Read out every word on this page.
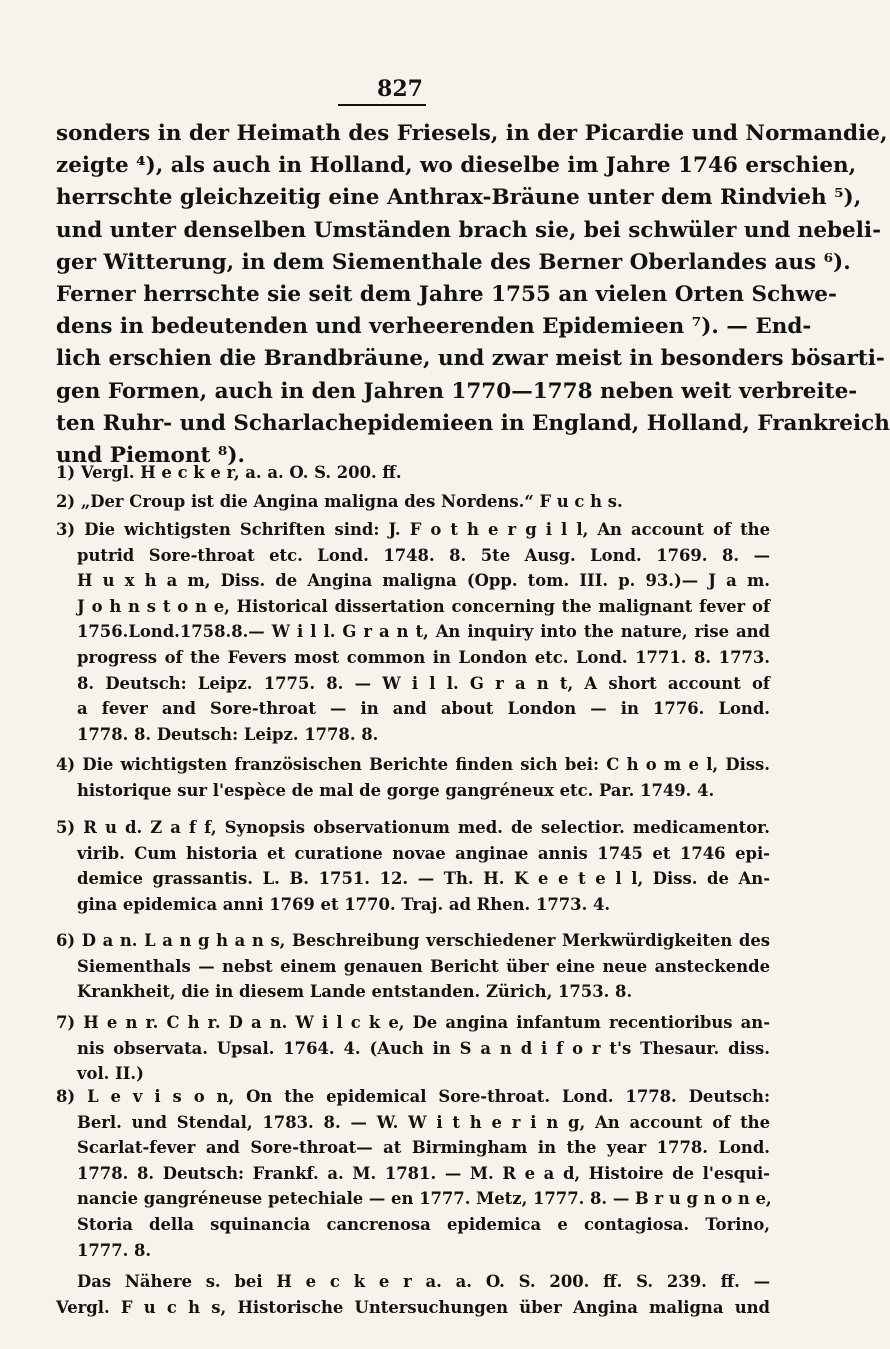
827
sonders in der Heimath des Friesels, in der Picardie und Normandie,
zeigte ⁴), als auch in Holland, wo dieselbe im Jahre 1746 erschien,
herrschte gleichzeitig eine Anthrax-Bräune unter dem Rindvieh ⁵),
und unter denselben Umständen brach sie, bei schwüler und nebeli-
ger Witterung, in dem Siementhale des Berner Oberlandes aus ⁶).
Ferner herrschte sie seit dem Jahre 1755 an vielen Orten Schwe-
dens in bedeutenden und verheerenden Epidemieen ⁷). — End-
lich erschien die Brandbräune, und zwar meist in besonders bösarti-
gen Formen, auch in den Jahren 1770—1778 neben weit verbreite-
ten Ruhr- und Scharlachepidemieen in England, Holland, Frankreich
und Piemont ⁸).
1) Vergl. H e c k e r, a. a. O. S. 200. ff.
2) „Der Croup ist die Angina maligna des Nordens.“ F u c h s.
3) Die wichtigsten Schriften sind: J. F o t h e r g i l l, An account of the
putrid Sore-throat etc. Lond. 1748. 8. 5te Ausg. Lond. 1769. 8. —
H u x h a m, Diss. de Angina maligna (Opp. tom. III. p. 93.)— J a m.
J o h n s t o n e, Historical dissertation concerning the malignant fever of
1756.Lond.1758.8.— W i l l. G r a n t, An inquiry into the nature, rise and
progress of the Fevers most common in London etc. Lond. 1771. 8. 1773.
8. Deutsch: Leipz. 1775. 8. — W i l l. G r a n t, A short account of
a fever and Sore-throat — in and about London — in 1776. Lond.
1778. 8. Deutsch: Leipz. 1778. 8.
4) Die wichtigsten französischen Berichte finden sich bei: C h o m e l, Diss.
historique sur l'espèce de mal de gorge gangréneux etc. Par. 1749. 4.
5) R u d. Z a f f, Synopsis observationum med. de selectior. medicamentor.
virib. Cum historia et curatione novae anginae annis 1745 et 1746 epi-
demice grassantis. L. B. 1751. 12. — Th. H. K e e t e l l, Diss. de An-
gina epidemica anni 1769 et 1770. Traj. ad Rhen. 1773. 4.
6) D a n. L a n g h a n s, Beschreibung verschiedener Merkwürdigkeiten des
Siementhals — nebst einem genauen Bericht über eine neue ansteckende
Krankheit, die in diesem Lande entstanden. Zürich, 1753. 8.
7) H e n r. C h r. D a n. W i l c k e, De angina infantum recentioribus an-
nis observata. Upsal. 1764. 4. (Auch in S a n d i f o r t's Thesaur. diss.
vol. II.)
8) L e v i s o n, On the epidemical Sore-throat. Lond. 1778. Deutsch:
Berl. und Stendal, 1783. 8. — W. W i t h e r i n g, An account of the
Scarlat-fever and Sore-throat— at Birmingham in the year 1778. Lond.
1778. 8. Deutsch: Frankf. a. M. 1781. — M. R e a d, Histoire de l'esqui-
nancie gangréneuse petechiale — en 1777. Metz, 1777. 8. — B r u g n o n e,
Storia della squinancia cancrenosa epidemica e contagiosa. Torino,
1777. 8.
Das Nähere s. bei H e c k e r a. a. O. S. 200. ff. S. 239. ff. —
Vergl. F u c h s, Historische Untersuchungen über Angina maligna und
